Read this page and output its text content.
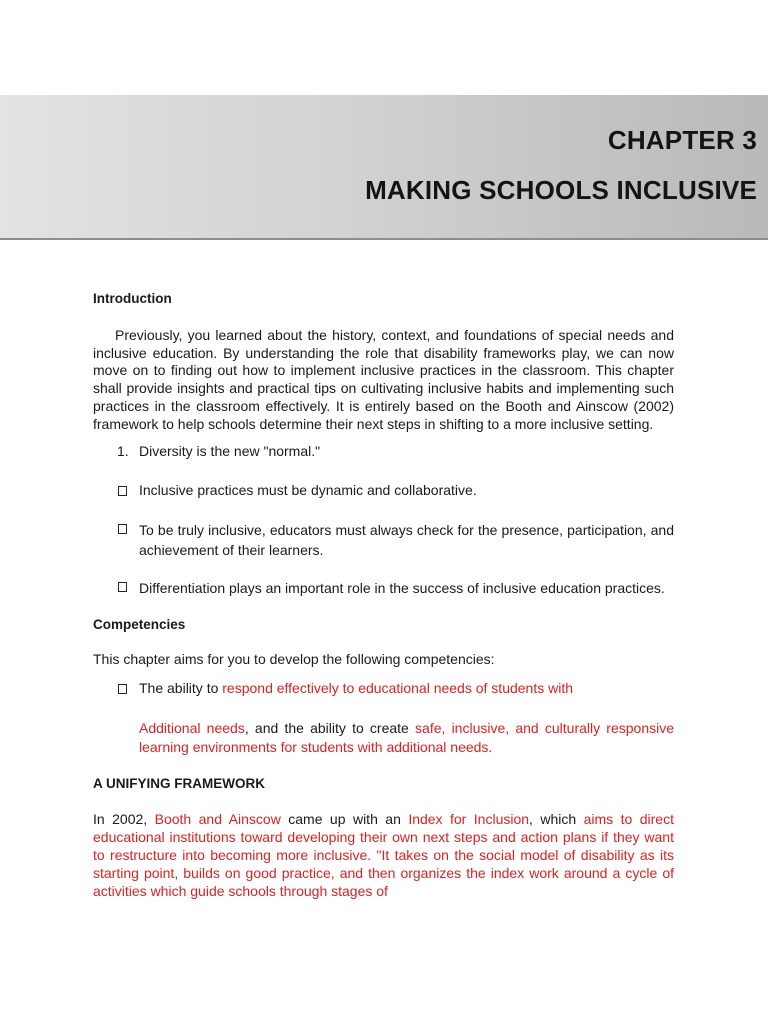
CHAPTER 3
MAKING SCHOOLS INCLUSIVE

Introduction

Previously, you learned about the history, context, and foundations of special needs and inclusive education. By understanding the role that disability frameworks play, we can now move on to finding out how to implement inclusive practices in the classroom. This chapter shall provide insights and practical tips on cultivating inclusive habits and implementing such practices in the classroom effectively. It is entirely based on the Booth and Ainscow (2002) framework to help schools determine their next steps in shifting to a more inclusive setting.

1. Diversity is the new "normal."
Inclusive practices must be dynamic and collaborative.
To be truly inclusive, educators must always check for the presence, participation, and achievement of their learners.
Differentiation plays an important role in the success of inclusive education practices.

Competencies

This chapter aims for you to develop the following competencies:

The ability to respond effectively to educational needs of students with
Additional needs, and the ability to create safe, inclusive, and culturally responsive learning environments for students with additional needs.

A UNIFYING FRAMEWORK

In 2002, Booth and Ainscow came up with an Index for Inclusion, which aims to direct educational institutions toward developing their own next steps and action plans if they want to restructure into becoming more inclusive. "It takes on the social model of disability as its starting point, builds on good practice, and then organizes the index work around a cycle of activities which guide schools through stages of
